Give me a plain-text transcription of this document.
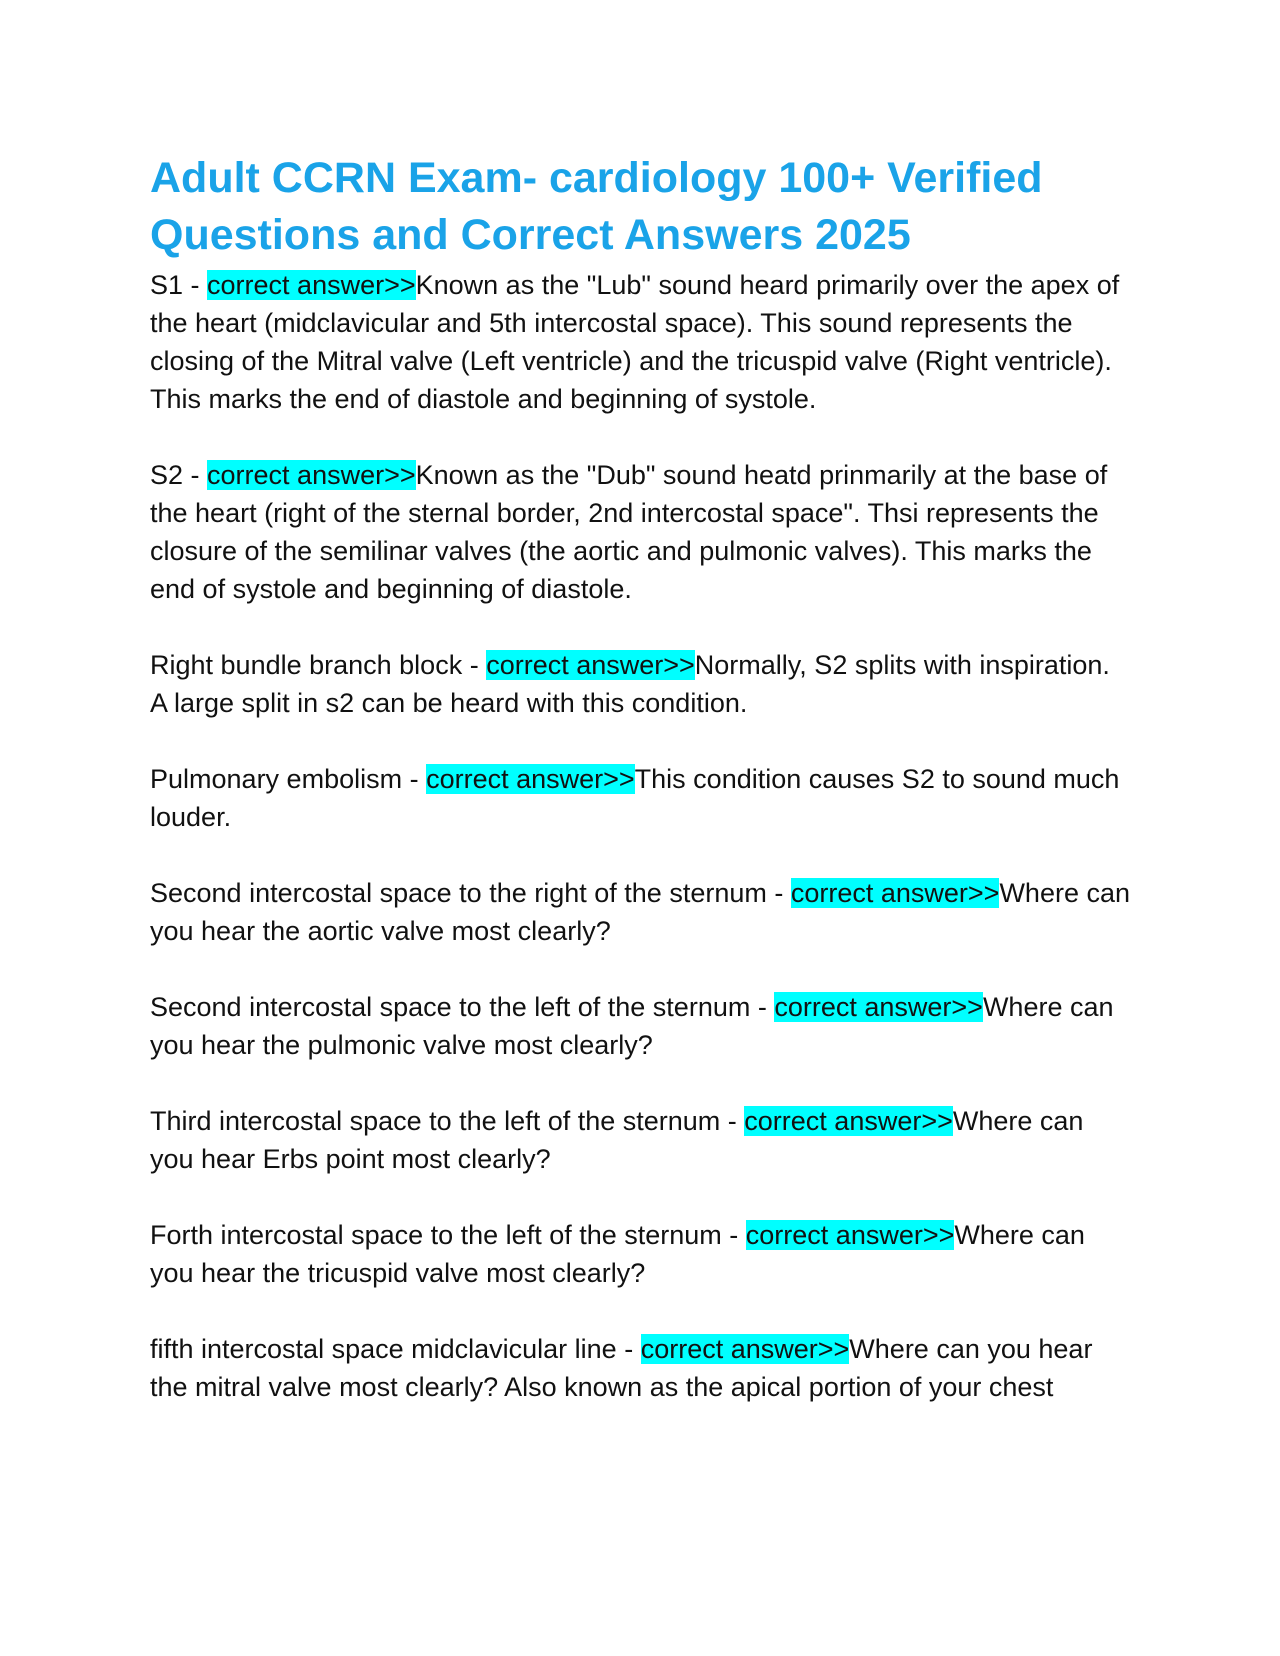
Adult CCRN Exam- cardiology 100+ Verified Questions and Correct Answers 2025

S1 - correct answer>>Known as the "Lub" sound heard primarily over the apex of the heart (midclavicular and 5th intercostal space). This sound represents the closing of the Mitral valve (Left ventricle) and the tricuspid valve (Right ventricle). This marks the end of diastole and beginning of systole.

S2 - correct answer>>Known as the "Dub" sound heatd prinmarily at the base of the heart (right of the sternal border, 2nd intercostal space". Thsi represents the closure of the semilinar valves (the aortic and pulmonic valves). This marks the end of systole and beginning of diastole.

Right bundle branch block - correct answer>>Normally, S2 splits with inspiration. A large split in s2 can be heard with this condition.

Pulmonary embolism - correct answer>>This condition causes S2 to sound much louder.

Second intercostal space to the right of the sternum - correct answer>>Where can you hear the aortic valve most clearly?

Second intercostal space to the left of the sternum - correct answer>>Where can you hear the pulmonic valve most clearly?

Third intercostal space to the left of the sternum - correct answer>>Where can you hear Erbs point most clearly?

Forth intercostal space to the left of the sternum - correct answer>>Where can you hear the tricuspid valve most clearly?

fifth intercostal space midclavicular line - correct answer>>Where can you hear the mitral valve most clearly? Also known as the apical portion of your chest
